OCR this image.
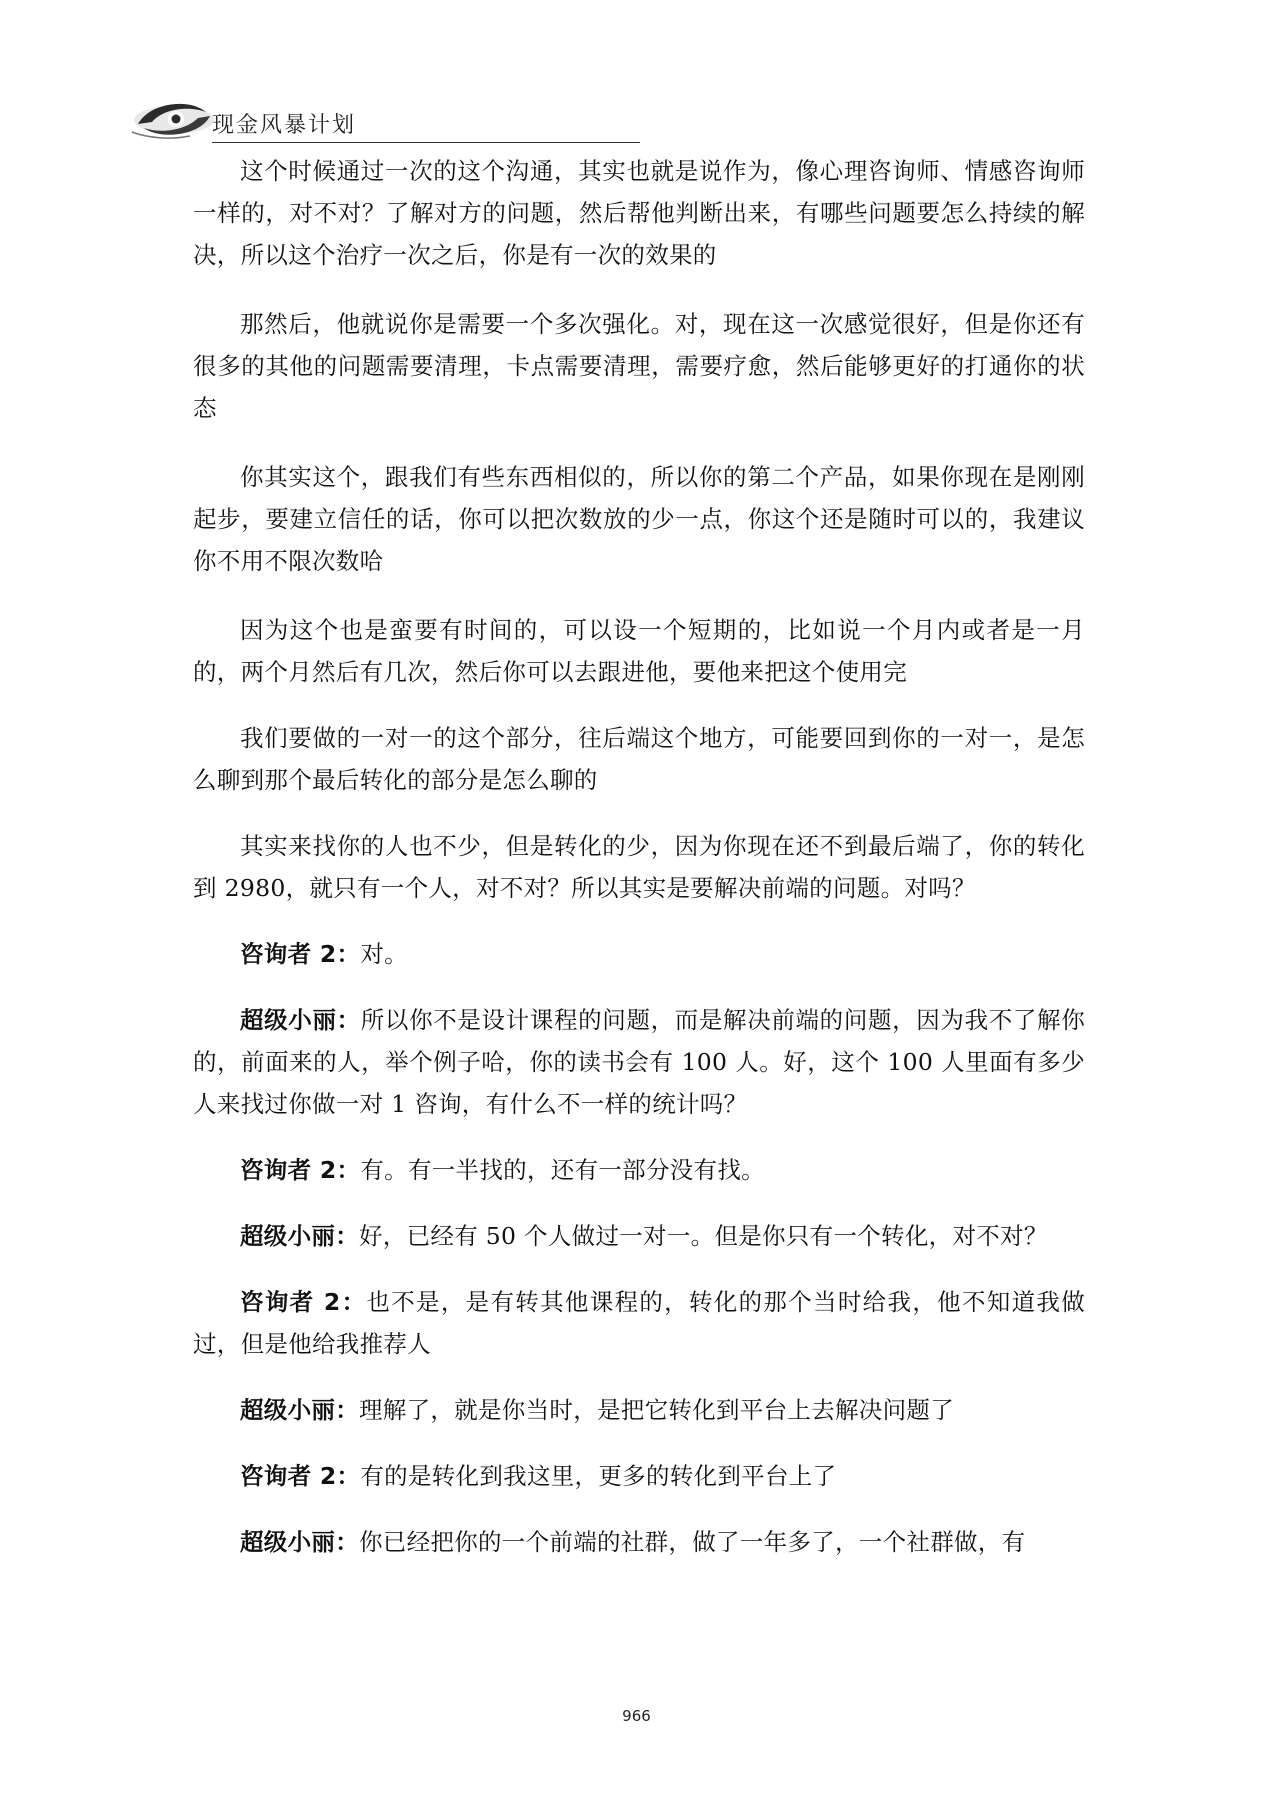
现金风暴计划

这个时候通过一次的这个沟通，其实也就是说作为，像心理咨询师、情感咨询师一样的，对不对？了解对方的问题，然后帮他判断出来，有哪些问题要怎么持续的解决，所以这个治疗一次之后，你是有一次的效果的

那然后，他就说你是需要一个多次强化。对，现在这一次感觉很好，但是你还有很多的其他的问题需要清理，卡点需要清理，需要疗愈，然后能够更好的打通你的状态

你其实这个，跟我们有些东西相似的，所以你的第二个产品，如果你现在是刚刚起步，要建立信任的话，你可以把次数放的少一点，你这个还是随时可以的，我建议你不用不限次数哈

因为这个也是蛮要有时间的，可以设一个短期的，比如说一个月内或者是一月的，两个月然后有几次，然后你可以去跟进他，要他来把这个使用完

我们要做的一对一的这个部分，往后端这个地方，可能要回到你的一对一，是怎么聊到那个最后转化的部分是怎么聊的

其实来找你的人也不少，但是转化的少，因为你现在还不到最后端了，你的转化到 2980，就只有一个人，对不对？所以其实是要解决前端的问题。对吗？

咨询者 2：对。

超级小丽：所以你不是设计课程的问题，而是解决前端的问题，因为我不了解你的，前面来的人，举个例子哈，你的读书会有 100 人。好，这个 100 人里面有多少人来找过你做一对 1 咨询，有什么不一样的统计吗？

咨询者 2：有。有一半找的，还有一部分没有找。

超级小丽：好，已经有 50 个人做过一对一。但是你只有一个转化，对不对？

咨询者 2：也不是，是有转其他课程的，转化的那个当时给我，他不知道我做过，但是他给我推荐人

超级小丽：理解了，就是你当时，是把它转化到平台上去解决问题了

咨询者 2：有的是转化到我这里，更多的转化到平台上了

超级小丽：你已经把你的一个前端的社群，做了一年多了，一个社群做，有

966
